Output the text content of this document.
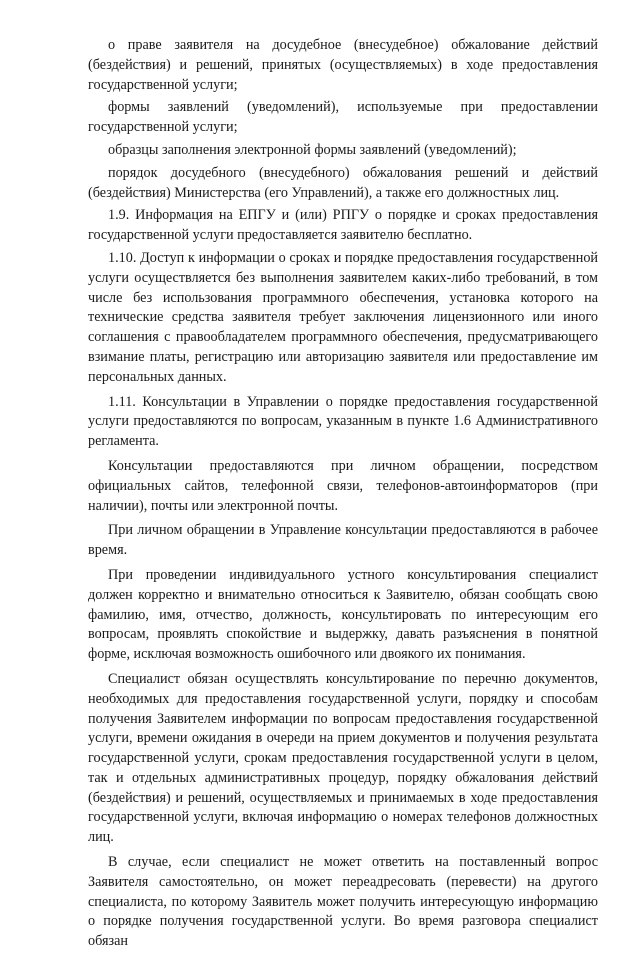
о праве заявителя на досудебное (внесудебное) обжалование действий (бездействия) и решений, принятых (осуществляемых) в ходе предоставления государственной услуги;

формы заявлений (уведомлений), используемые при предоставлении государственной услуги;

образцы заполнения электронной формы заявлений (уведомлений);

порядок досудебного (внесудебного) обжалования решений и действий (бездействия) Министерства (его Управлений), а также его должностных лиц.

1.9. Информация на ЕПГУ и (или) РПГУ о порядке и сроках предоставления государственной услуги предоставляется заявителю бесплатно.

1.10. Доступ к информации о сроках и порядке предоставления государственной услуги осуществляется без выполнения заявителем каких-либо требований, в том числе без использования программного обеспечения, установка которого на технические средства заявителя требует заключения лицензионного или иного соглашения с правообладателем программного обеспечения, предусматривающего взимание платы, регистрацию или авторизацию заявителя или предоставление им персональных данных.

1.11. Консультации в Управлении о порядке предоставления государственной услуги предоставляются по вопросам, указанным в пункте 1.6 Административного регламента.

Консультации предоставляются при личном обращении, посредством официальных сайтов, телефонной связи, телефонов-автоинформаторов (при наличии), почты или электронной почты.

При личном обращении в Управление консультации предоставляются в рабочее время.

При проведении индивидуального устного консультирования специалист должен корректно и внимательно относиться к Заявителю, обязан сообщать свою фамилию, имя, отчество, должность, консультировать по интересующим его вопросам, проявлять спокойствие и выдержку, давать разъяснения в понятной форме, исключая возможность ошибочного или двоякого их понимания.

Специалист обязан осуществлять консультирование по перечню документов, необходимых для предоставления государственной услуги, порядку и способам получения Заявителем информации по вопросам предоставления государственной услуги, времени ожидания в очереди на прием документов и получения результата государственной услуги, срокам предоставления государственной услуги в целом, так и отдельных административных процедур, порядку обжалования действий (бездействия) и решений, осуществляемых и принимаемых в ходе предоставления государственной услуги, включая информацию о номерах телефонов должностных лиц.

В случае, если специалист не может ответить на поставленный вопрос Заявителя самостоятельно, он может переадресовать (перевести) на другого специалиста, по которому Заявитель может получить интересующую информацию о порядке получения государственной услуги. Во время разговора специалист обязан
